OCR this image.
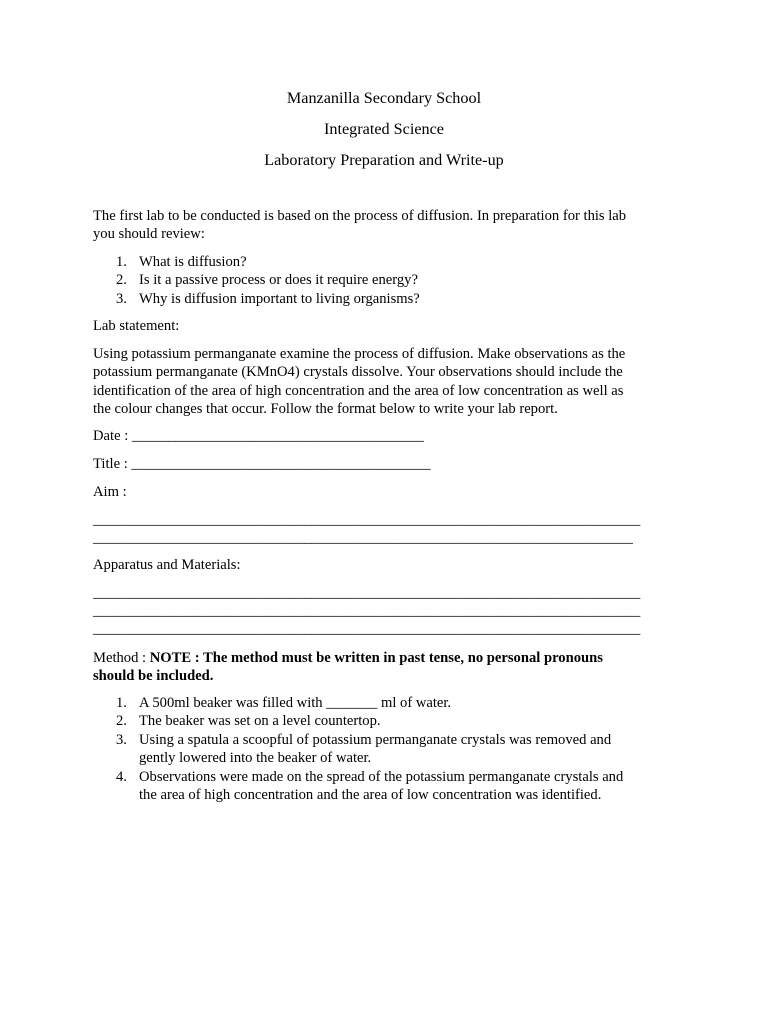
Manzanilla Secondary School
Integrated Science
Laboratory Preparation and Write-up

The first lab to be conducted is based on the process of diffusion. In preparation for this lab
you should review:

1. What is diffusion?
2. Is it a passive process or does it require energy?
3. Why is diffusion important to living organisms?

Lab statement:

Using potassium permanganate examine the process of diffusion. Make observations as the
potassium permanganate (KMnO4) crystals dissolve. Your observations should include the
identification of the area of high concentration and the area of low concentration as well as
the colour changes that occur. Follow the format below to write your lab report.

Date : ________________________________________

Title : _________________________________________

Aim :

___________________________________________________________________________

__________________________________________________________________________

Apparatus and Materials:

___________________________________________________________________________

___________________________________________________________________________

___________________________________________________________________________

Method : NOTE : The method must be written in past tense, no personal pronouns
should be included.

1. A 500ml beaker was filled with _______ ml of water.
2. The beaker was set on a level countertop.
3. Using a spatula a scoopful of potassium permanganate crystals was removed and
gently lowered into the beaker of water.
4. Observations were made on the spread of the potassium permanganate crystals and
the area of high concentration and the area of low concentration was identified.
